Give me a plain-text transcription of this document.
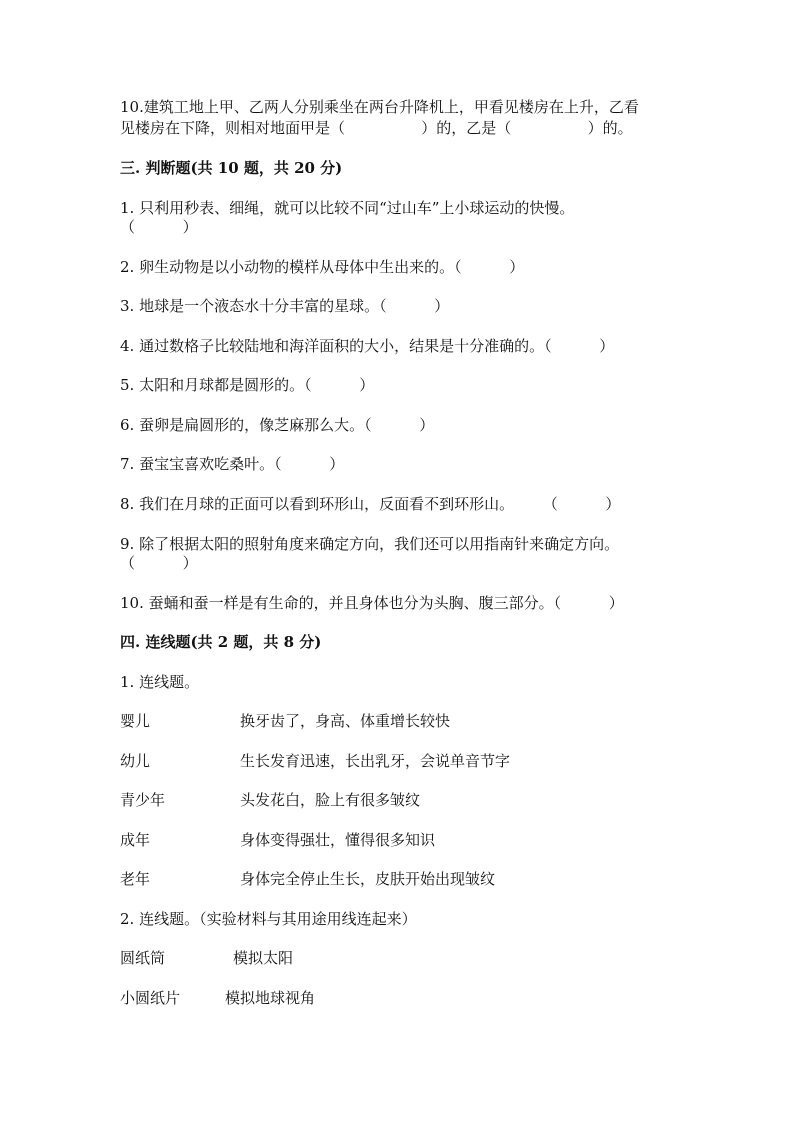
10.建筑工地上甲、乙两人分别乘坐在两台升降机上，甲看见楼房在上升，乙看
见楼房在下降，则相对地面甲是（                ）的，乙是（                ）的。
三. 判断题(共 10 题，共 20 分)
1. 只利用秒表、细绳，就可以比较不同“过山车”上小球运动的快慢。
（          ）
2. 卵生动物是以小动物的模样从母体中生出来的。（          ）
3. 地球是一个液态水十分丰富的星球。（          ）
4. 通过数格子比较陆地和海洋面积的大小，结果是十分准确的。（          ）
5. 太阳和月球都是圆形的。（          ）
6. 蚕卵是扁圆形的，像芝麻那么大。（          ）
7. 蚕宝宝喜欢吃桑叶。（          ）
8. 我们在月球的正面可以看到环形山，反面看不到环形山。      （          ）
9. 除了根据太阳的照射角度来确定方向，我们还可以用指南针来确定方向。
（          ）
10. 蚕蛹和蚕一样是有生命的，并且身体也分为头胸、腹三部分。（          ）
四. 连线题(共 2 题，共 8 分)
1. 连线题。
婴儿	换牙齿了，身高、体重增长较快
幼儿	生长发育迅速，长出乳牙，会说单音节字
青少年	头发花白，脸上有很多皱纹
成年	身体变得强壮，懂得很多知识
老年	身体完全停止生长，皮肤开始出现皱纹
2. 连线题。（实验材料与其用途用线连起来）
圆纸筒	模拟太阳
小圆纸片	模拟地球视角
